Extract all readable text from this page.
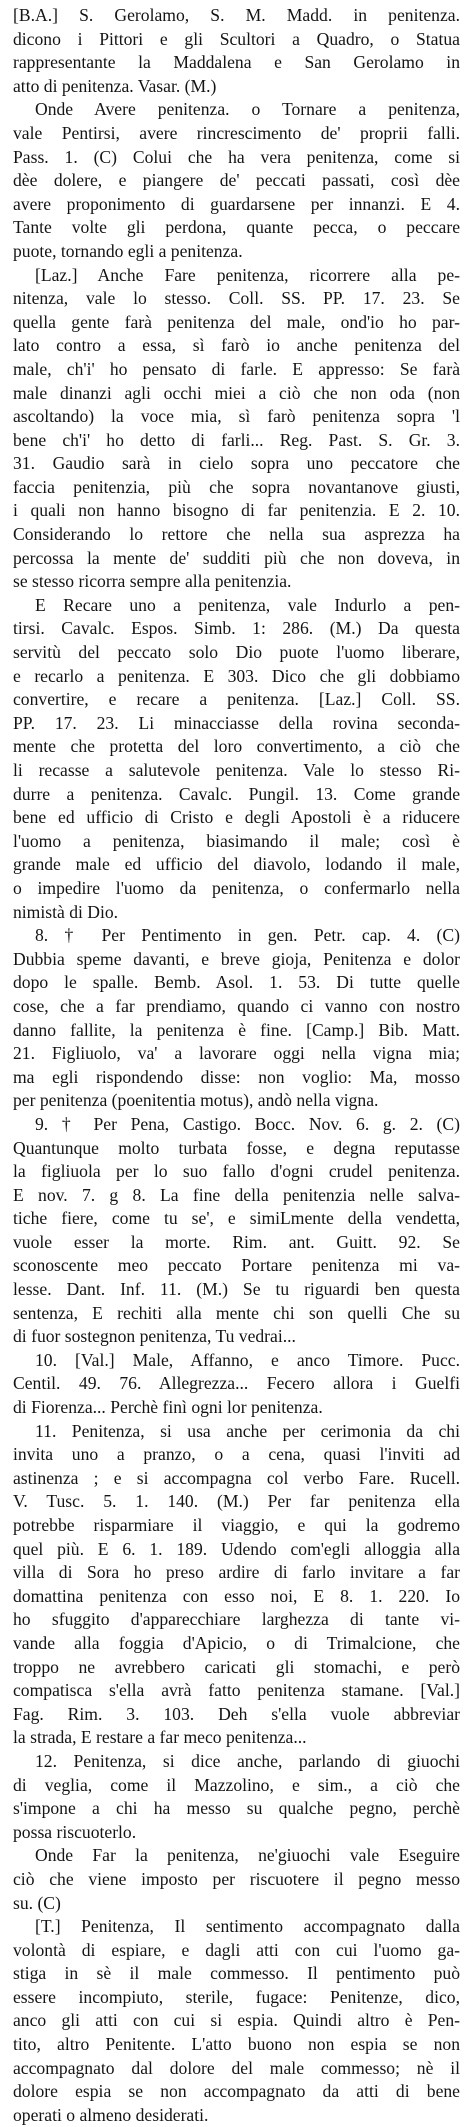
[B.A.] S. Gerolamo, S. M. Madd. in penitenza.
dicono i Pittori e gli Scultori a Quadro, o Statua
rappresentante la Maddalena e San Gerolamo in
atto di penitenza. Vasar. (M.)
Onde Avere penitenza. o Tornare a penitenza,
vale Pentirsi, avere rincrescimento de' proprii falli.
Pass. 1. (C) Colui che ha vera penitenza, come si
dèe dolere, e piangere de' peccati passati, così dèe
avere proponimento di guardarsene per innanzi. E 4.
Tante volte gli perdona, quante pecca, o peccare
puote, tornando egli a penitenza.
[Laz.] Anche Fare penitenza, ricorrere alla pe-
nitenza, vale lo stesso. Coll. SS. PP. 17. 23. Se
quella gente farà penitenza del male, ond'io ho par-
lato contro a essa, sì farò io anche penitenza del
male, ch'i' ho pensato di farle. E appresso: Se farà
male dinanzi agli occhi miei a ciò che non oda (non
ascoltando) la voce mia, sì farò penitenza sopra 'l
bene ch'i' ho detto di farli... Reg. Past. S. Gr. 3.
31. Gaudio sarà in cielo sopra uno peccatore che
faccia penitenzia, più che sopra novantanove giusti,
i quali non hanno bisogno di far penitenzia. E 2. 10.
Considerando lo rettore che nella sua asprezza ha
percossa la mente de' sudditi più che non doveva, in
se stesso ricorra sempre alla penitenzia.
E Recare uno a penitenza, vale Indurlo a pen-
tirsi. Cavalc. Espos. Simb. 1: 286. (M.) Da questa
servitù del peccato solo Dio puote l'uomo liberare,
e recarlo a penitenza. E 303. Dico che gli dobbiamo
convertire, e recare a penitenza. [Laz.] Coll. SS.
PP. 17. 23. Li minacciasse della rovina seconda-
mente che protetta del loro convertimento, a ciò che
li recasse a salutevole penitenza. Vale lo stesso Ri-
durre a penitenza. Cavalc. Pungil. 13. Come grande
bene ed ufficio di Cristo e degli Apostoli è a riducere
l'uomo a penitenza, biasimando il male; così è
grande male ed ufficio del diavolo, lodando il male,
o impedire l'uomo da penitenza, o confermarlo nella
nimistà di Dio.
8. † Per Pentimento in gen. Petr. cap. 4. (C)
Dubbia speme davanti, e breve gioja, Penitenza e dolor
dopo le spalle. Bemb. Asol. 1. 53. Di tutte quelle
cose, che a far prendiamo, quando ci vanno con nostro
danno fallite, la penitenza è fine. [Camp.] Bib. Matt.
21. Figliuolo, va' a lavorare oggi nella vigna mia;
ma egli rispondendo disse: non voglio: Ma, mosso
per penitenza (poenitentia motus), andò nella vigna.
9. † Per Pena, Castigo. Bocc. Nov. 6. g. 2. (C)
Quantunque molto turbata fosse, e degna reputasse
la figliuola per lo suo fallo d'ogni crudel penitenza.
E nov. 7. g 8. La fine della penitenzia nelle salva-
tiche fiere, come tu se', e simiLmente della vendetta,
vuole esser la morte. Rim. ant. Guitt. 92. Se
sconoscente meo peccato Portare penitenza mi va-
lesse. Dant. Inf. 11. (M.) Se tu riguardi ben questa
sentenza, E rechiti alla mente chi son quelli Che su
di fuor sostegnon penitenza, Tu vedrai...
10. [Val.] Male, Affanno, e anco Timore. Pucc.
Centil. 49. 76. Allegrezza... Fecero allora i Guelfi
di Fiorenza... Perchè finì ogni lor penitenza.
11. Penitenza, si usa anche per cerimonia da chi
invita uno a pranzo, o a cena, quasi l'inviti ad
astinenza ; e si accompagna col verbo Fare. Rucell.
V. Tusc. 5. 1. 140. (M.) Per far penitenza ella
potrebbe risparmiare il viaggio, e qui la godremo
quel più. E 6. 1. 189. Udendo com'egli alloggia alla
villa di Sora ho preso ardire di farlo invitare a far
domattina penitenza con esso noi, E 8. 1. 220. Io
ho sfuggito d'apparecchiare larghezza di tante vi-
vande alla foggia d'Apicio, o di Trimalcione, che
troppo ne avrebbero caricati gli stomachi, e però
compatisca s'ella avrà fatto penitenza stamane. [Val.]
Fag. Rim. 3. 103. Deh s'ella vuole abbreviar
la strada, E restare a far meco penitenza...
12. Penitenza, si dice anche, parlando di giuochi
di veglia, come il Mazzolino, e sim., a ciò che
s'impone a chi ha messo su qualche pegno, perchè
possa riscuoterlo.
Onde Far la penitenza, ne'giuochi vale Eseguire
ciò che viene imposto per riscuotere il pegno messo
su. (C)
[T.] Penitenza, Il sentimento accompagnato dalla
volontà di espiare, e dagli atti con cui l'uomo ga-
stiga in sè il male commesso. Il pentimento può
essere incompiuto, sterile, fugace: Penitenze, dico,
anco gli atti con cui si espia. Quindi altro è Pen-
tito, altro Penitente. L'atto buono non espia se non
accompagnato dal dolore del male commesso; nè il
dolore espia se non accompagnato da atti di bene
operati o almeno desiderati.
